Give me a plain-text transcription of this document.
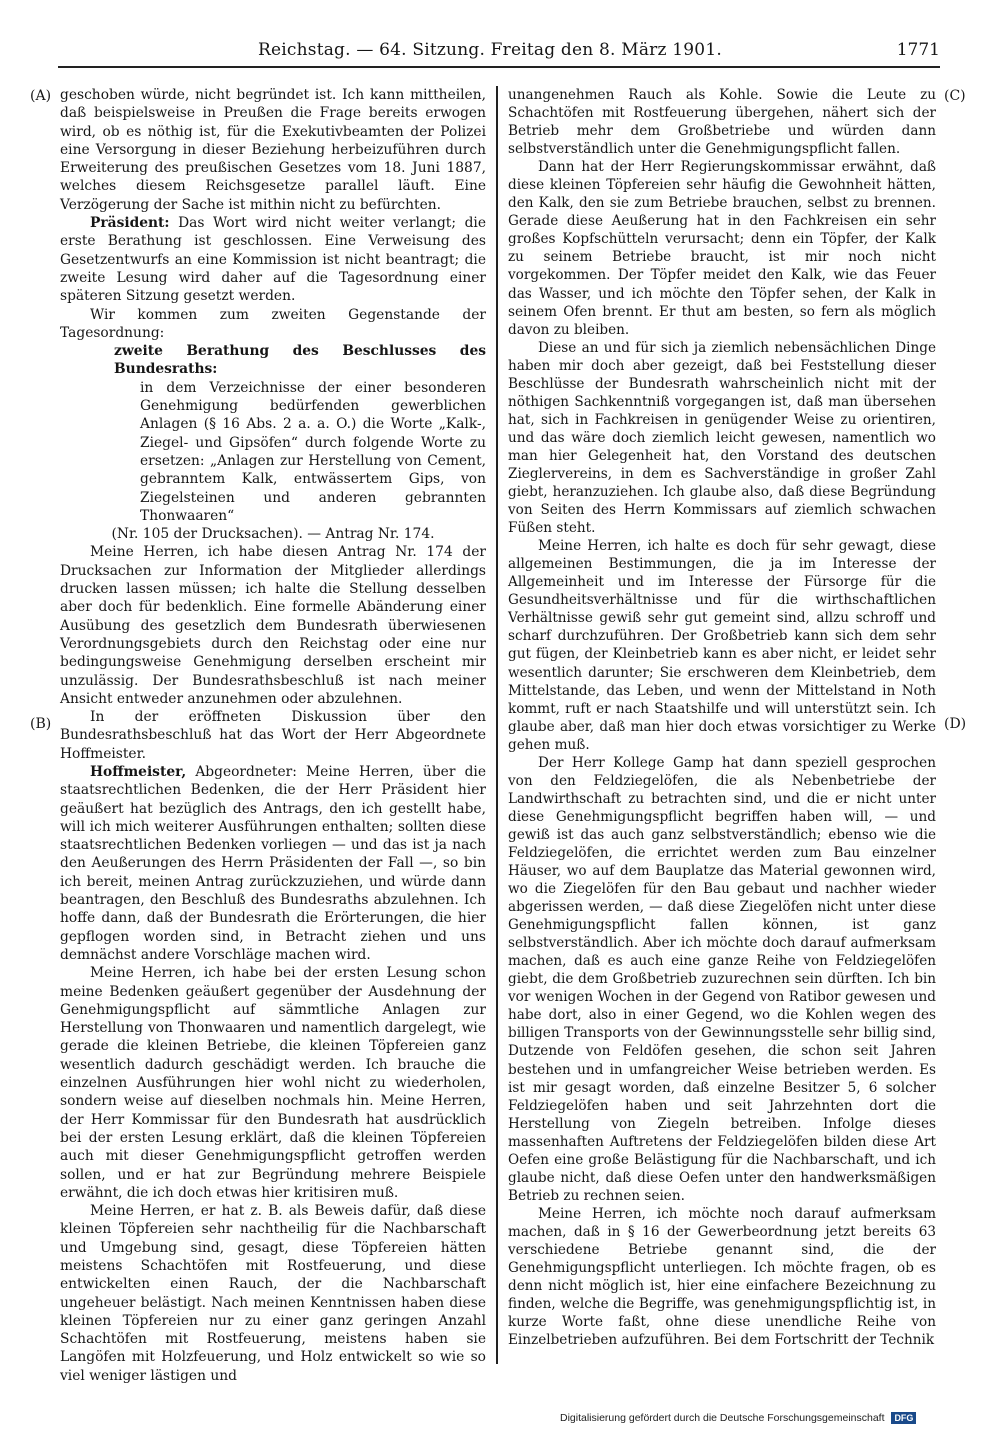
Reichstag. — 64. Sitzung. Freitag den 8. März 1901.	1771
(A)
(B)
(C)
(D)

geschoben würde, nicht begründet ist. Ich kann mittheilen, daß beispielsweise in Preußen die Frage bereits erwogen wird, ob es nöthig ist, für die Exekutivbeamten der Polizei eine Versorgung in dieser Beziehung herbeizuführen durch Erweiterung des preußischen Gesetzes vom 18. Juni 1887, welches diesem Reichsgesetze parallel läuft. Eine Verzögerung der Sache ist mithin nicht zu befürchten.

Präsident: Das Wort wird nicht weiter verlangt; die erste Berathung ist geschlossen. Eine Verweisung des Gesetzentwurfs an eine Kommission ist nicht beantragt; die zweite Lesung wird daher auf die Tagesordnung einer späteren Sitzung gesetzt werden.

Wir kommen zum zweiten Gegenstande der Tagesordnung:

zweite Berathung des Beschlusses des Bundesraths:

in dem Verzeichnisse der einer besonderen Genehmigung bedürfenden gewerblichen Anlagen (§ 16 Abs. 2 a. a. O.) die Worte „Kalk-, Ziegel- und Gipsöfen“ durch folgende Worte zu ersetzen: „Anlagen zur Herstellung von Cement, gebranntem Kalk, entwässertem Gips, von Ziegelsteinen und anderen gebrannten Thonwaaren“

(Nr. 105 der Drucksachen). — Antrag Nr. 174.

Meine Herren, ich habe diesen Antrag Nr. 174 der Drucksachen zur Information der Mitglieder allerdings drucken lassen müssen; ich halte die Stellung desselben aber doch für bedenklich. Eine formelle Abänderung einer Ausübung des gesetzlich dem Bundesrath überwiesenen Verordnungsgebiets durch den Reichstag oder eine nur bedingungsweise Genehmigung derselben erscheint mir unzulässig. Der Bundesrathsbeschluß ist nach meiner Ansicht entweder anzunehmen oder abzulehnen.

In der eröffneten Diskussion über den Bundesrathsbeschluß hat das Wort der Herr Abgeordnete Hoffmeister.

Hoffmeister, Abgeordneter: Meine Herren, über die staatsrechtlichen Bedenken, die der Herr Präsident hier geäußert hat bezüglich des Antrags, den ich gestellt habe, will ich mich weiterer Ausführungen enthalten; sollten diese staatsrechtlichen Bedenken vorliegen — und das ist ja nach den Aeußerungen des Herrn Präsidenten der Fall —, so bin ich bereit, meinen Antrag zurückzuziehen, und würde dann beantragen, den Beschluß des Bundesraths abzulehnen. Ich hoffe dann, daß der Bundesrath die Erörterungen, die hier gepflogen worden sind, in Betracht ziehen und uns demnächst andere Vorschläge machen wird.

Meine Herren, ich habe bei der ersten Lesung schon meine Bedenken geäußert gegenüber der Ausdehnung der Genehmigungspflicht auf sämmtliche Anlagen zur Herstellung von Thonwaaren und namentlich dargelegt, wie gerade die kleinen Betriebe, die kleinen Töpfereien ganz wesentlich dadurch geschädigt werden. Ich brauche die einzelnen Ausführungen hier wohl nicht zu wiederholen, sondern weise auf dieselben nochmals hin. Meine Herren, der Herr Kommissar für den Bundesrath hat ausdrücklich bei der ersten Lesung erklärt, daß die kleinen Töpfereien auch mit dieser Genehmigungspflicht getroffen werden sollen, und er hat zur Begründung mehrere Beispiele erwähnt, die ich doch etwas hier kritisiren muß.

Meine Herren, er hat z. B. als Beweis dafür, daß diese kleinen Töpfereien sehr nachtheilig für die Nachbarschaft und Umgebung sind, gesagt, diese Töpfereien hätten meistens Schachtöfen mit Rostfeuerung, und diese entwickelten einen Rauch, der die Nachbarschaft ungeheuer belästigt. Nach meinen Kenntnissen haben diese kleinen Töpfereien nur zu einer ganz geringen Anzahl Schachtöfen mit Rostfeuerung, meistens haben sie Langöfen mit Holzfeuerung, und Holz entwickelt so wie so viel weniger lästigen und

unangenehmen Rauch als Kohle. Sowie die Leute zu Schachtöfen mit Rostfeuerung übergehen, nähert sich der Betrieb mehr dem Großbetriebe und würden dann selbstverständlich unter die Genehmigungspflicht fallen.

Dann hat der Herr Regierungskommissar erwähnt, daß diese kleinen Töpfereien sehr häufig die Gewohnheit hätten, den Kalk, den sie zum Betriebe brauchen, selbst zu brennen. Gerade diese Aeußerung hat in den Fachkreisen ein sehr großes Kopfschütteln verursacht; denn ein Töpfer, der Kalk zu seinem Betriebe braucht, ist mir noch nicht vorgekommen. Der Töpfer meidet den Kalk, wie das Feuer das Wasser, und ich möchte den Töpfer sehen, der Kalk in seinem Ofen brennt. Er thut am besten, so fern als möglich davon zu bleiben.

Diese an und für sich ja ziemlich nebensächlichen Dinge haben mir doch aber gezeigt, daß bei Feststellung dieser Beschlüsse der Bundesrath wahrscheinlich nicht mit der nöthigen Sachkenntniß vorgegangen ist, daß man übersehen hat, sich in Fachkreisen in genügender Weise zu orientiren, und das wäre doch ziemlich leicht gewesen, namentlich wo man hier Gelegenheit hat, den Vorstand des deutschen Zieglervereins, in dem es Sachverständige in großer Zahl giebt, heranzuziehen. Ich glaube also, daß diese Begründung von Seiten des Herrn Kommissars auf ziemlich schwachen Füßen steht.

Meine Herren, ich halte es doch für sehr gewagt, diese allgemeinen Bestimmungen, die ja im Interesse der Allgemeinheit und im Interesse der Fürsorge für die Gesundheitsverhältnisse und für die wirthschaftlichen Verhältnisse gewiß sehr gut gemeint sind, allzu schroff und scharf durchzuführen. Der Großbetrieb kann sich dem sehr gut fügen, der Kleinbetrieb kann es aber nicht, er leidet sehr wesentlich darunter; Sie erschweren dem Kleinbetrieb, dem Mittelstande, das Leben, und wenn der Mittelstand in Noth kommt, ruft er nach Staatshilfe und will unterstützt sein. Ich glaube aber, daß man hier doch etwas vorsichtiger zu Werke gehen muß.

Der Herr Kollege Gamp hat dann speziell gesprochen von den Feldziegelöfen, die als Nebenbetriebe der Landwirthschaft zu betrachten sind, und die er nicht unter diese Genehmigungspflicht begriffen haben will, — und gewiß ist das auch ganz selbstverständlich; ebenso wie die Feldziegelöfen, die errichtet werden zum Bau einzelner Häuser, wo auf dem Bauplatze das Material gewonnen wird, wo die Ziegelöfen für den Bau gebaut und nachher wieder abgerissen werden, — daß diese Ziegelöfen nicht unter diese Genehmigungspflicht fallen können, ist ganz selbstverständlich. Aber ich möchte doch darauf aufmerksam machen, daß es auch eine ganze Reihe von Feldziegelöfen giebt, die dem Großbetrieb zuzurechnen sein dürften. Ich bin vor wenigen Wochen in der Gegend von Ratibor gewesen und habe dort, also in einer Gegend, wo die Kohlen wegen des billigen Transports von der Gewinnungsstelle sehr billig sind, Dutzende von Feldöfen gesehen, die schon seit Jahren bestehen und in umfangreicher Weise betrieben werden. Es ist mir gesagt worden, daß einzelne Besitzer 5, 6 solcher Feldziegelöfen haben und seit Jahrzehnten dort die Herstellung von Ziegeln betreiben. Infolge dieses massenhaften Auftretens der Feldziegelöfen bilden diese Art Oefen eine große Belästigung für die Nachbarschaft, und ich glaube nicht, daß diese Oefen unter den handwerksmäßigen Betrieb zu rechnen seien.

Meine Herren, ich möchte noch darauf aufmerksam machen, daß in § 16 der Gewerbeordnung jetzt bereits 63 verschiedene Betriebe genannt sind, die der Genehmigungspflicht unterliegen. Ich möchte fragen, ob es denn nicht möglich ist, hier eine einfachere Bezeichnung zu finden, welche die Begriffe, was genehmigungspflichtig ist, in kurze Worte faßt, ohne diese unendliche Reihe von Einzelbetrieben aufzuführen. Bei dem Fortschritt der Technik

Digitalisierung gefördert durch die Deutsche Forschungsgemeinschaft DFG
